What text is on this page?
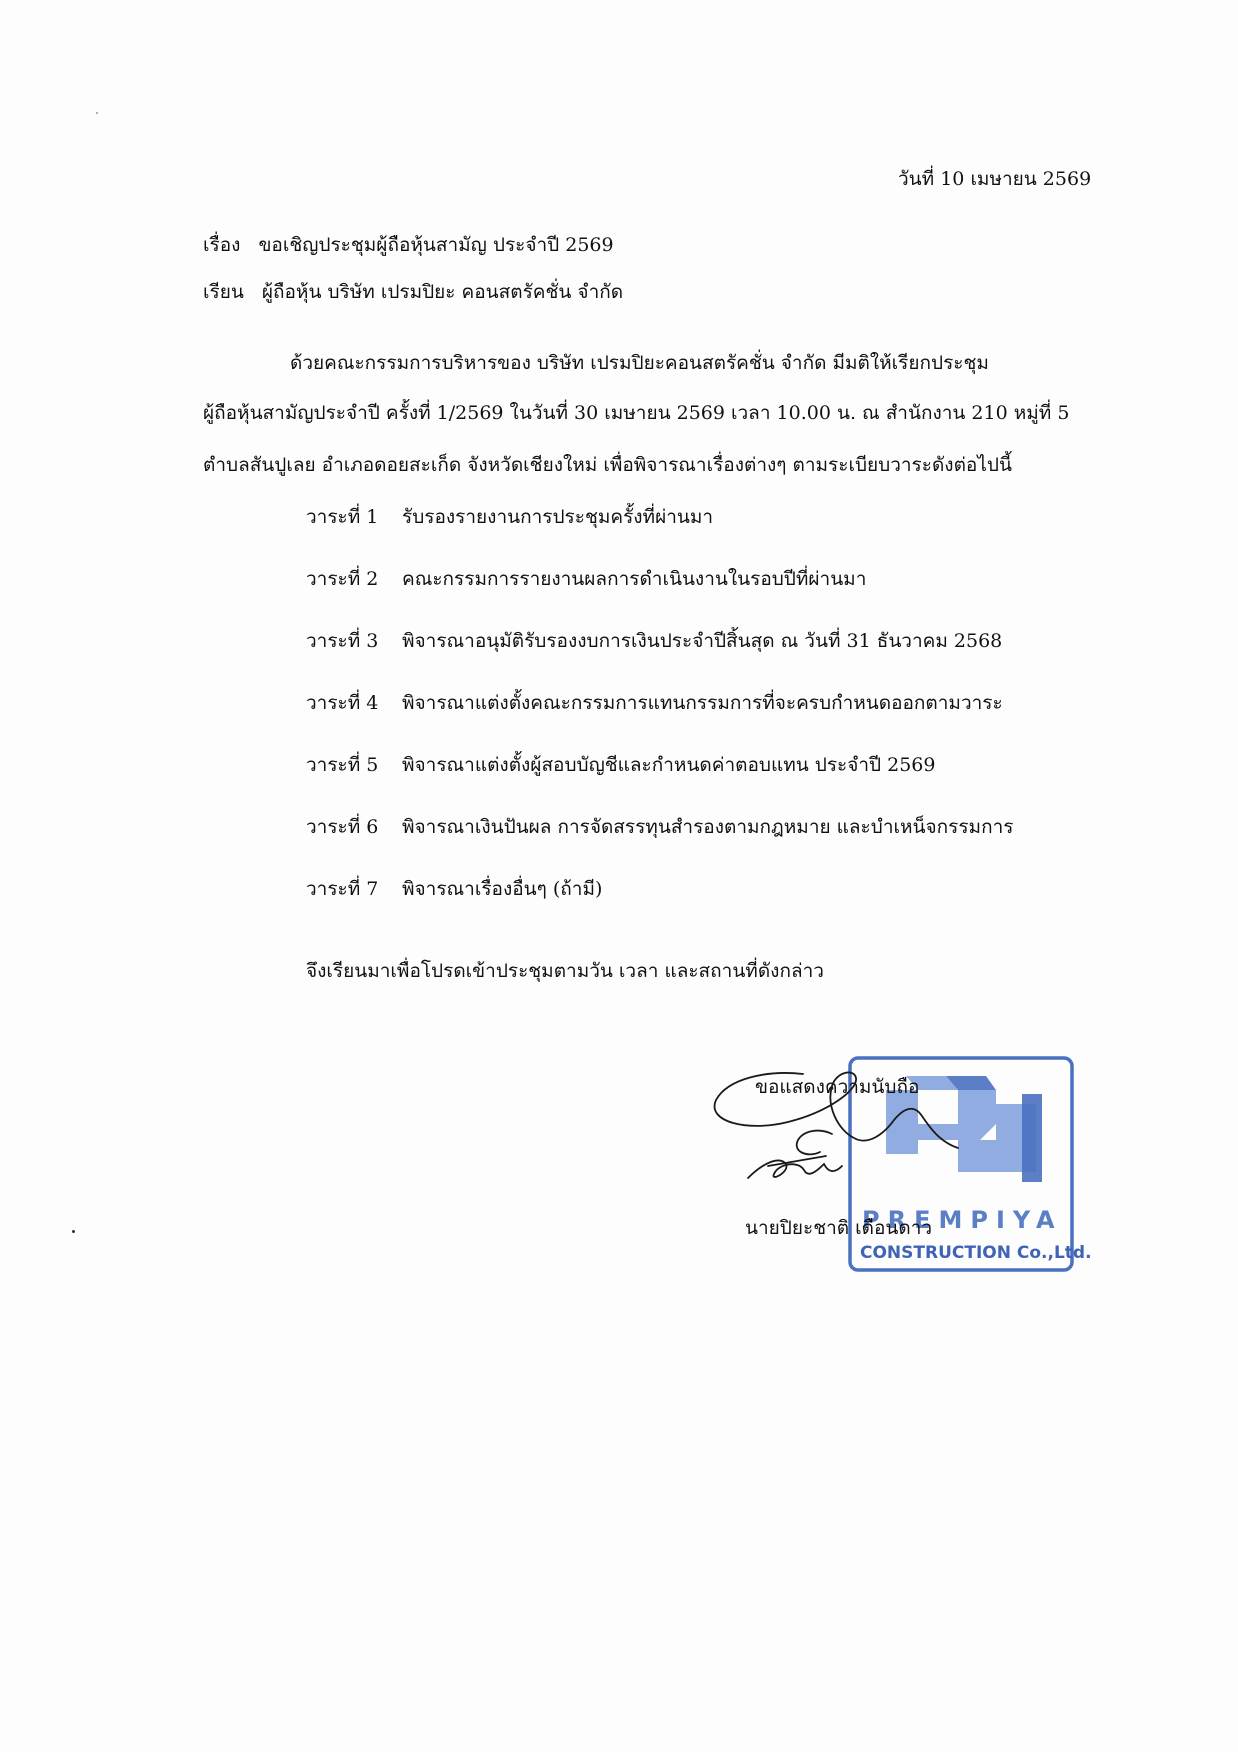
วันที่ 10 เมษายน 2569
เรื่อง ขอเชิญประชุมผู้ถือหุ้นสามัญ ประจำปี 2569
เรียน ผู้ถือหุ้น บริษัท เปรมปิยะ คอนสตรัคชั่น จำกัด
ด้วยคณะกรรมการบริหารของ บริษัท เปรมปิยะคอนสตรัคชั่น จำกัด มีมติให้เรียกประชุม
ผู้ถือหุ้นสามัญประจำปี ครั้งที่ 1/2569 ในวันที่ 30 เมษายน 2569 เวลา 10.00 น. ณ สำนักงาน 210 หมู่ที่ 5
ตำบลสันปูเลย อำเภอดอยสะเก็ด จังหวัดเชียงใหม่ เพื่อพิจารณาเรื่องต่างๆ ตามระเบียบวาระดังต่อไปนี้
วาระที่ 1	รับรองรายงานการประชุมครั้งที่ผ่านมา
วาระที่ 2	คณะกรรมการรายงานผลการดำเนินงานในรอบปีที่ผ่านมา
วาระที่ 3	พิจารณาอนุมัติรับรองงบการเงินประจำปีสิ้นสุด ณ วันที่ 31 ธันวาคม 2568
วาระที่ 4	พิจารณาแต่งตั้งคณะกรรมการแทนกรรมการที่จะครบกำหนดออกตามวาระ
วาระที่ 5	พิจารณาแต่งตั้งผู้สอบบัญชีและกำหนดค่าตอบแทน ประจำปี 2569
วาระที่ 6	พิจารณาเงินปันผล การจัดสรรทุนสำรองตามกฎหมาย และบำเหน็จกรรมการ
วาระที่ 7	พิจารณาเรื่องอื่นๆ (ถ้ามี)
จึงเรียนมาเพื่อโปรดเข้าประชุมตามวัน เวลา และสถานที่ดังกล่าว
PREMPIYA
CONSTRUCTION Co.,Ltd.
ขอแสดงความนับถือ
นายปิยะชาติ เดือนดาว
